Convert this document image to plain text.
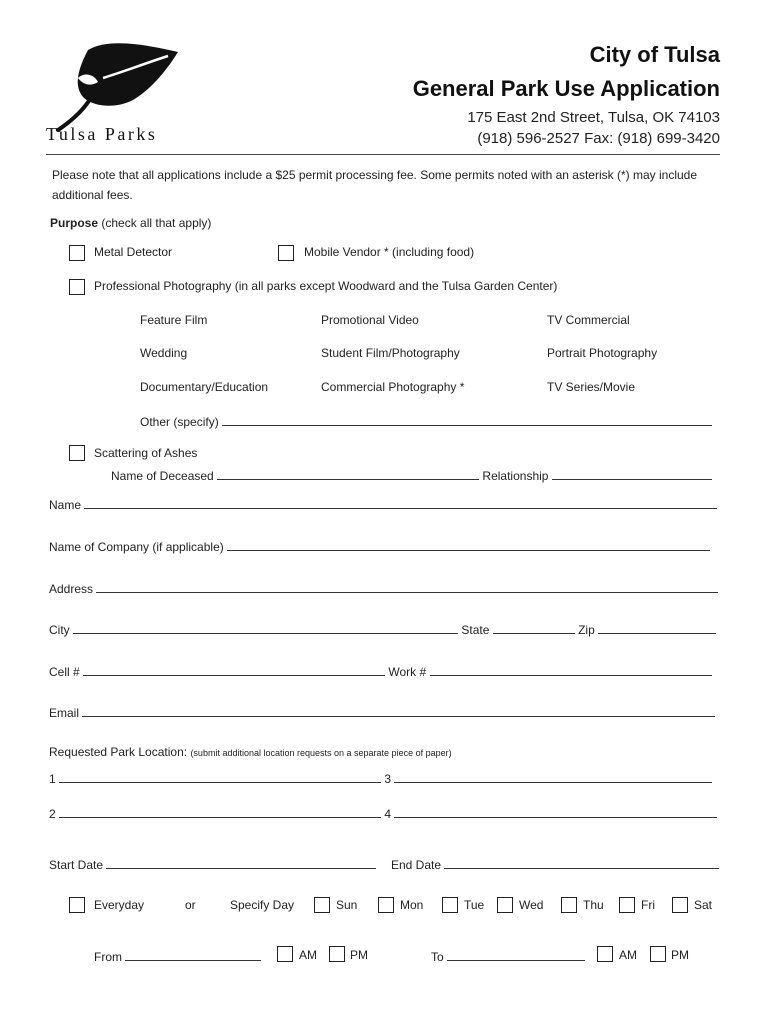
Tulsa Parks
City of Tulsa
General Park Use Application
175 East 2nd Street, Tulsa, OK 74103
(918) 596-2527 Fax: (918) 699-3420
Please note that all applications include a $25 permit processing fee. Some permits noted with an asterisk (*) may include additional fees.
Purpose (check all that apply)
Metal Detector	Mobile Vendor * (including food)
Professional Photography (in all parks except Woodward and the Tulsa Garden Center)
Feature Film	Promotional Video	TV Commercial
Wedding	Student Film/Photography	Portrait Photography
Documentary/Education	Commercial Photography *	TV Series/Movie
Other (specify)
Scattering of Ashes
Name of Deceased	Relationship
Name
Name of Company (if applicable)
Address
City	State	Zip
Cell #	Work #
Email
Requested Park Location: (submit additional location requests on a separate piece of paper)
1	3
2	4
Start Date	End Date
Everyday	or	Specify Day	Sun	Mon	Tue	Wed	Thu	Fri	Sat
From	AM	PM	To	AM	PM
